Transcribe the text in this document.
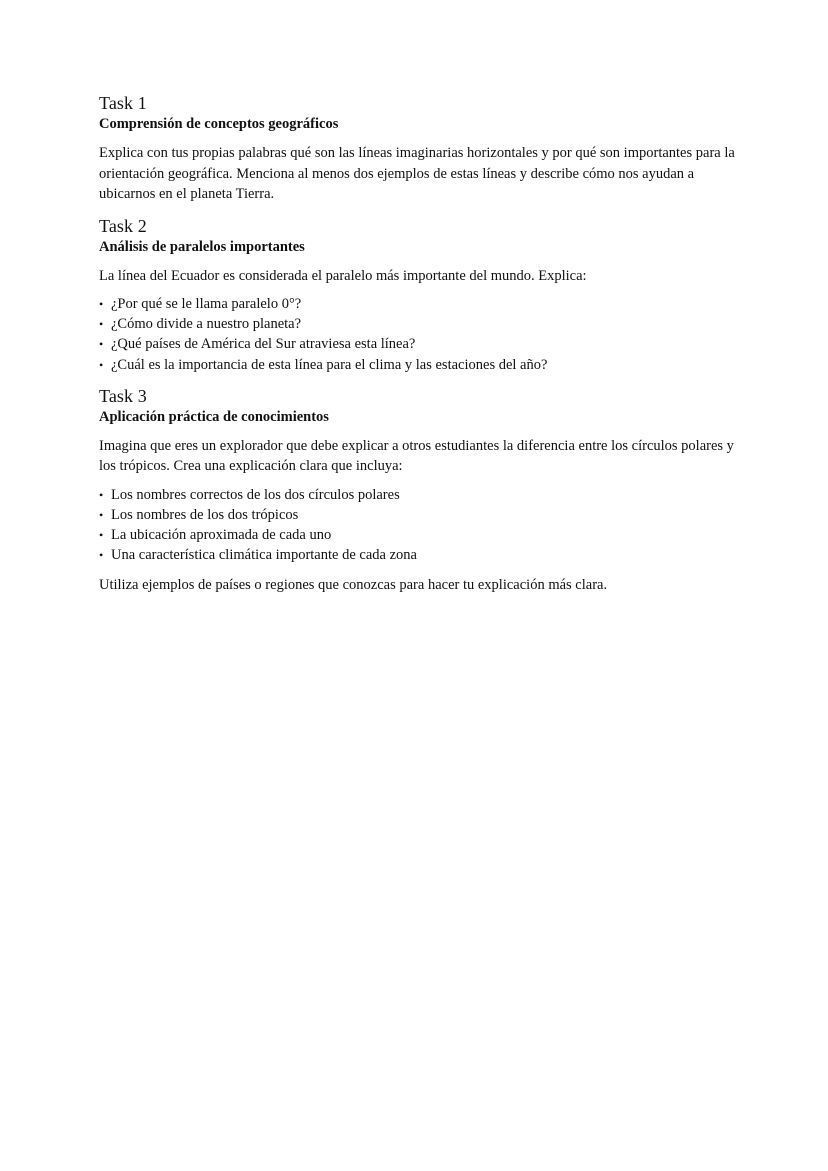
Task 1
Comprensión de conceptos geográficos

Explica con tus propias palabras qué son las líneas imaginarias horizontales y por qué son importantes para la orientación geográfica. Menciona al menos dos ejemplos de estas líneas y describe cómo nos ayudan a ubicarnos en el planeta Tierra.

Task 2
Análisis de paralelos importantes

La línea del Ecuador es considerada el paralelo más importante del mundo. Explica:

• ¿Por qué se le llama paralelo 0°?
• ¿Cómo divide a nuestro planeta?
• ¿Qué países de América del Sur atraviesa esta línea?
• ¿Cuál es la importancia de esta línea para el clima y las estaciones del año?
Task 3
Aplicación práctica de conocimientos

Imagina que eres un explorador que debe explicar a otros estudiantes la diferencia entre los círculos polares y los trópicos. Crea una explicación clara que incluya:

• Los nombres correctos de los dos círculos polares
• Los nombres de los dos trópicos
• La ubicación aproximada de cada uno
• Una característica climática importante de cada zona

Utiliza ejemplos de países o regiones que conozcas para hacer tu explicación más clara.
